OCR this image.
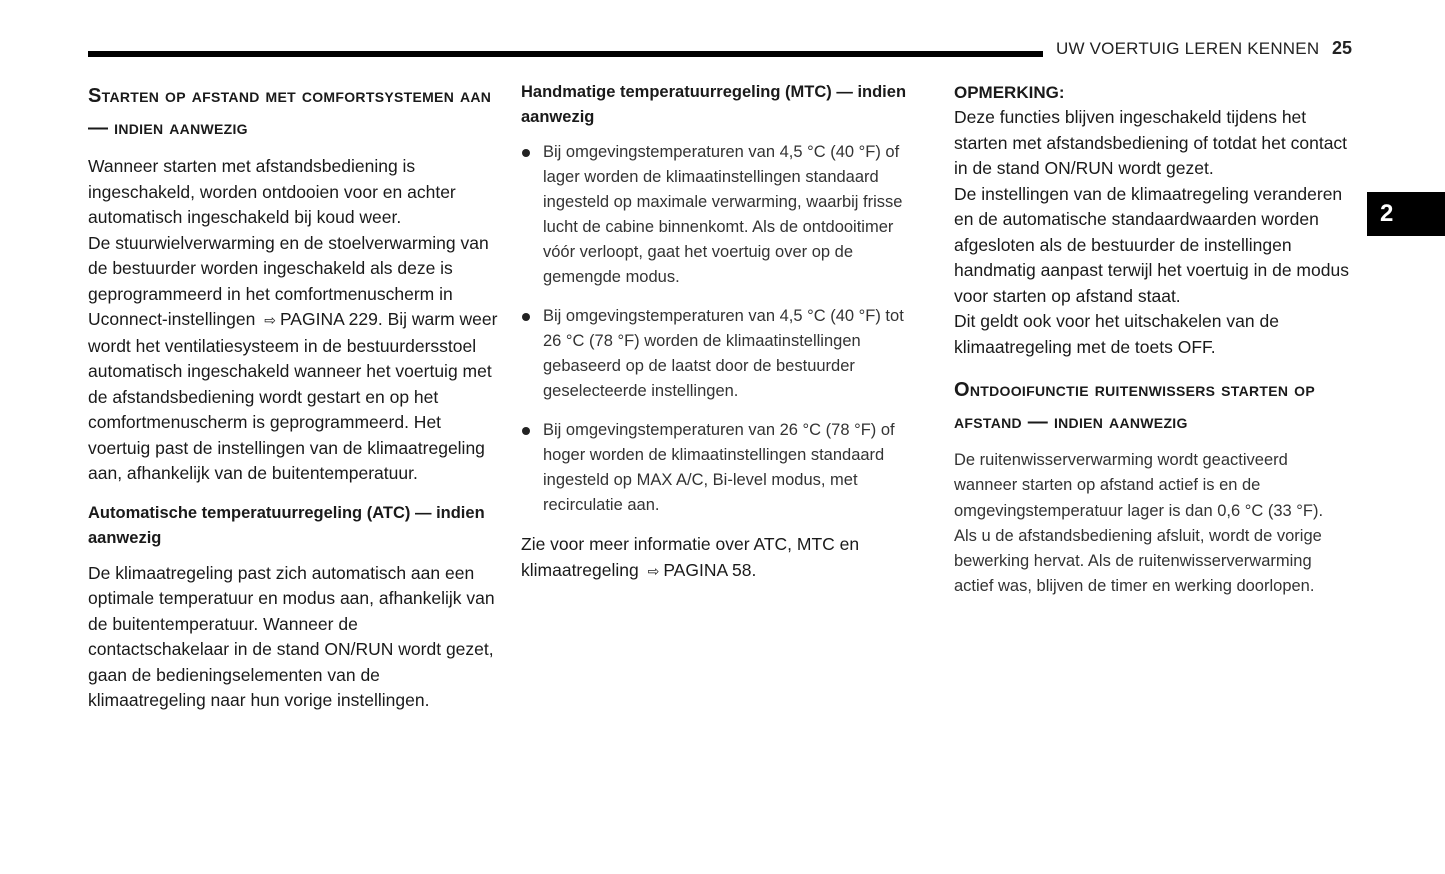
UW VOERTUIG LEREN KENNEN 25
2
Starten op afstand met comfortsystemen aan — indien aanwezig

Wanneer starten met afstandsbediening is ingeschakeld, worden ontdooien voor en achter automatisch ingeschakeld bij koud weer.

De stuurwielverwarming en de stoelverwarming van de bestuurder worden ingeschakeld als deze is geprogrammeerd in het comfortmenuscherm in Uconnect-instellingen ⇨ PAGINA 229. Bij warm weer wordt het ventilatiesysteem in de bestuurdersstoel automatisch ingeschakeld wanneer het voertuig met de afstandsbediening wordt gestart en op het comfortmenuscherm is geprogrammeerd. Het voertuig past de instellingen van de klimaatregeling aan, afhankelijk van de buitentemperatuur.

Automatische temperatuurregeling (ATC) — indien aanwezig

De klimaatregeling past zich automatisch aan een optimale temperatuur en modus aan, afhankelijk van de buitentemperatuur. Wanneer de contactschakelaar in de stand ON/RUN wordt gezet, gaan de bedieningselementen van de klimaatregeling naar hun vorige instellingen.

Handmatige temperatuurregeling (MTC) — indien aanwezig
Bij omgevingstemperaturen van 4,5 °C (40 °F) of lager worden de klimaatinstellingen standaard ingesteld op maximale verwarming, waarbij frisse lucht de cabine binnenkomt. Als de ontdooitimer vóór verloopt, gaat het voertuig over op de gemengde modus.
Bij omgevingstemperaturen van 4,5 °C (40 °F) tot 26 °C (78 °F) worden de klimaatinstellingen gebaseerd op de laatst door de bestuurder geselecteerde instellingen.
Bij omgevingstemperaturen van 26 °C (78 °F) of hoger worden de klimaatinstellingen standaard ingesteld op MAX A/C, Bi-level modus, met recirculatie aan.

Zie voor meer informatie over ATC, MTC en klimaatregeling ⇨ PAGINA 58.

OPMERKING:

Deze functies blijven ingeschakeld tijdens het starten met afstandsbediening of totdat het contact in de stand ON/RUN wordt gezet.

De instellingen van de klimaatregeling veranderen en de automatische standaardwaarden worden afgesloten als de bestuurder de instellingen handmatig aanpast terwijl het voertuig in de modus voor starten op afstand staat.

Dit geldt ook voor het uitschakelen van de klimaatregeling met de toets OFF.

Ontdooifunctie ruitenwissers starten op afstand — indien aanwezig

De ruitenwisserverwarming wordt geactiveerd wanneer starten op afstand actief is en de omgevingstemperatuur lager is dan 0,6 °C (33 °F).

Als u de afstandsbediening afsluit, wordt de vorige bewerking hervat. Als de ruitenwisserverwarming actief was, blijven de timer en werking doorlopen.
